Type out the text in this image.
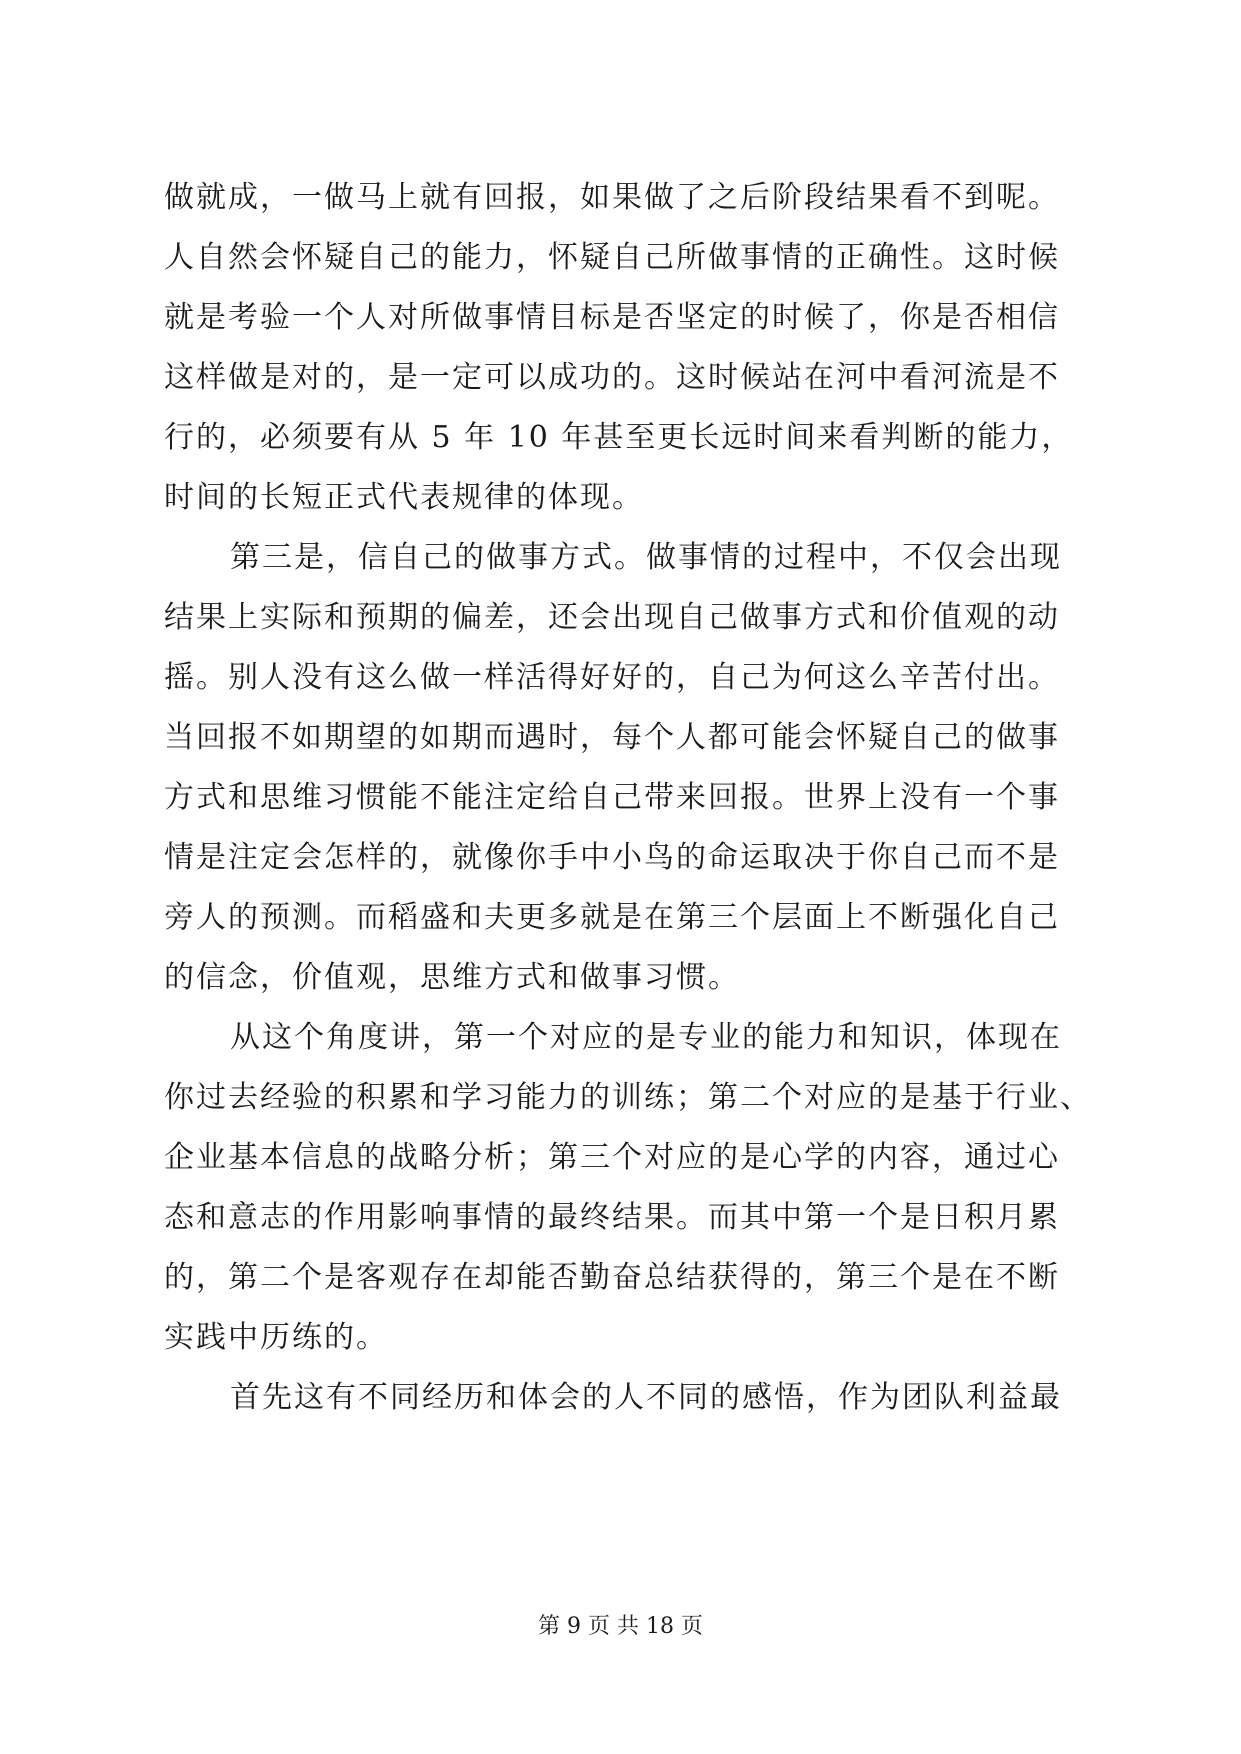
做就成，一做马上就有回报，如果做了之后阶段结果看不到呢。
人自然会怀疑自己的能力，怀疑自己所做事情的正确性。这时候
就是考验一个人对所做事情目标是否坚定的时候了，你是否相信
这样做是对的，是一定可以成功的。这时候站在河中看河流是不
行的，必须要有从 5 年 10 年甚至更长远时间来看判断的能力，
时间的长短正式代表规律的体现。
第三是，信自己的做事方式。做事情的过程中，不仅会出现
结果上实际和预期的偏差，还会出现自己做事方式和价值观的动
摇。别人没有这么做一样活得好好的，自己为何这么辛苦付出。
当回报不如期望的如期而遇时，每个人都可能会怀疑自己的做事
方式和思维习惯能不能注定给自己带来回报。世界上没有一个事
情是注定会怎样的，就像你手中小鸟的命运取决于你自己而不是
旁人的预测。而稻盛和夫更多就是在第三个层面上不断强化自己
的信念，价值观，思维方式和做事习惯。
从这个角度讲，第一个对应的是专业的能力和知识，体现在
你过去经验的积累和学习能力的训练；第二个对应的是基于行业、
企业基本信息的战略分析；第三个对应的是心学的内容，通过心
态和意志的作用影响事情的最终结果。而其中第一个是日积月累
的，第二个是客观存在却能否勤奋总结获得的，第三个是在不断
实践中历练的。
首先这有不同经历和体会的人不同的感悟，作为团队利益最
第 9 页 共 18 页
